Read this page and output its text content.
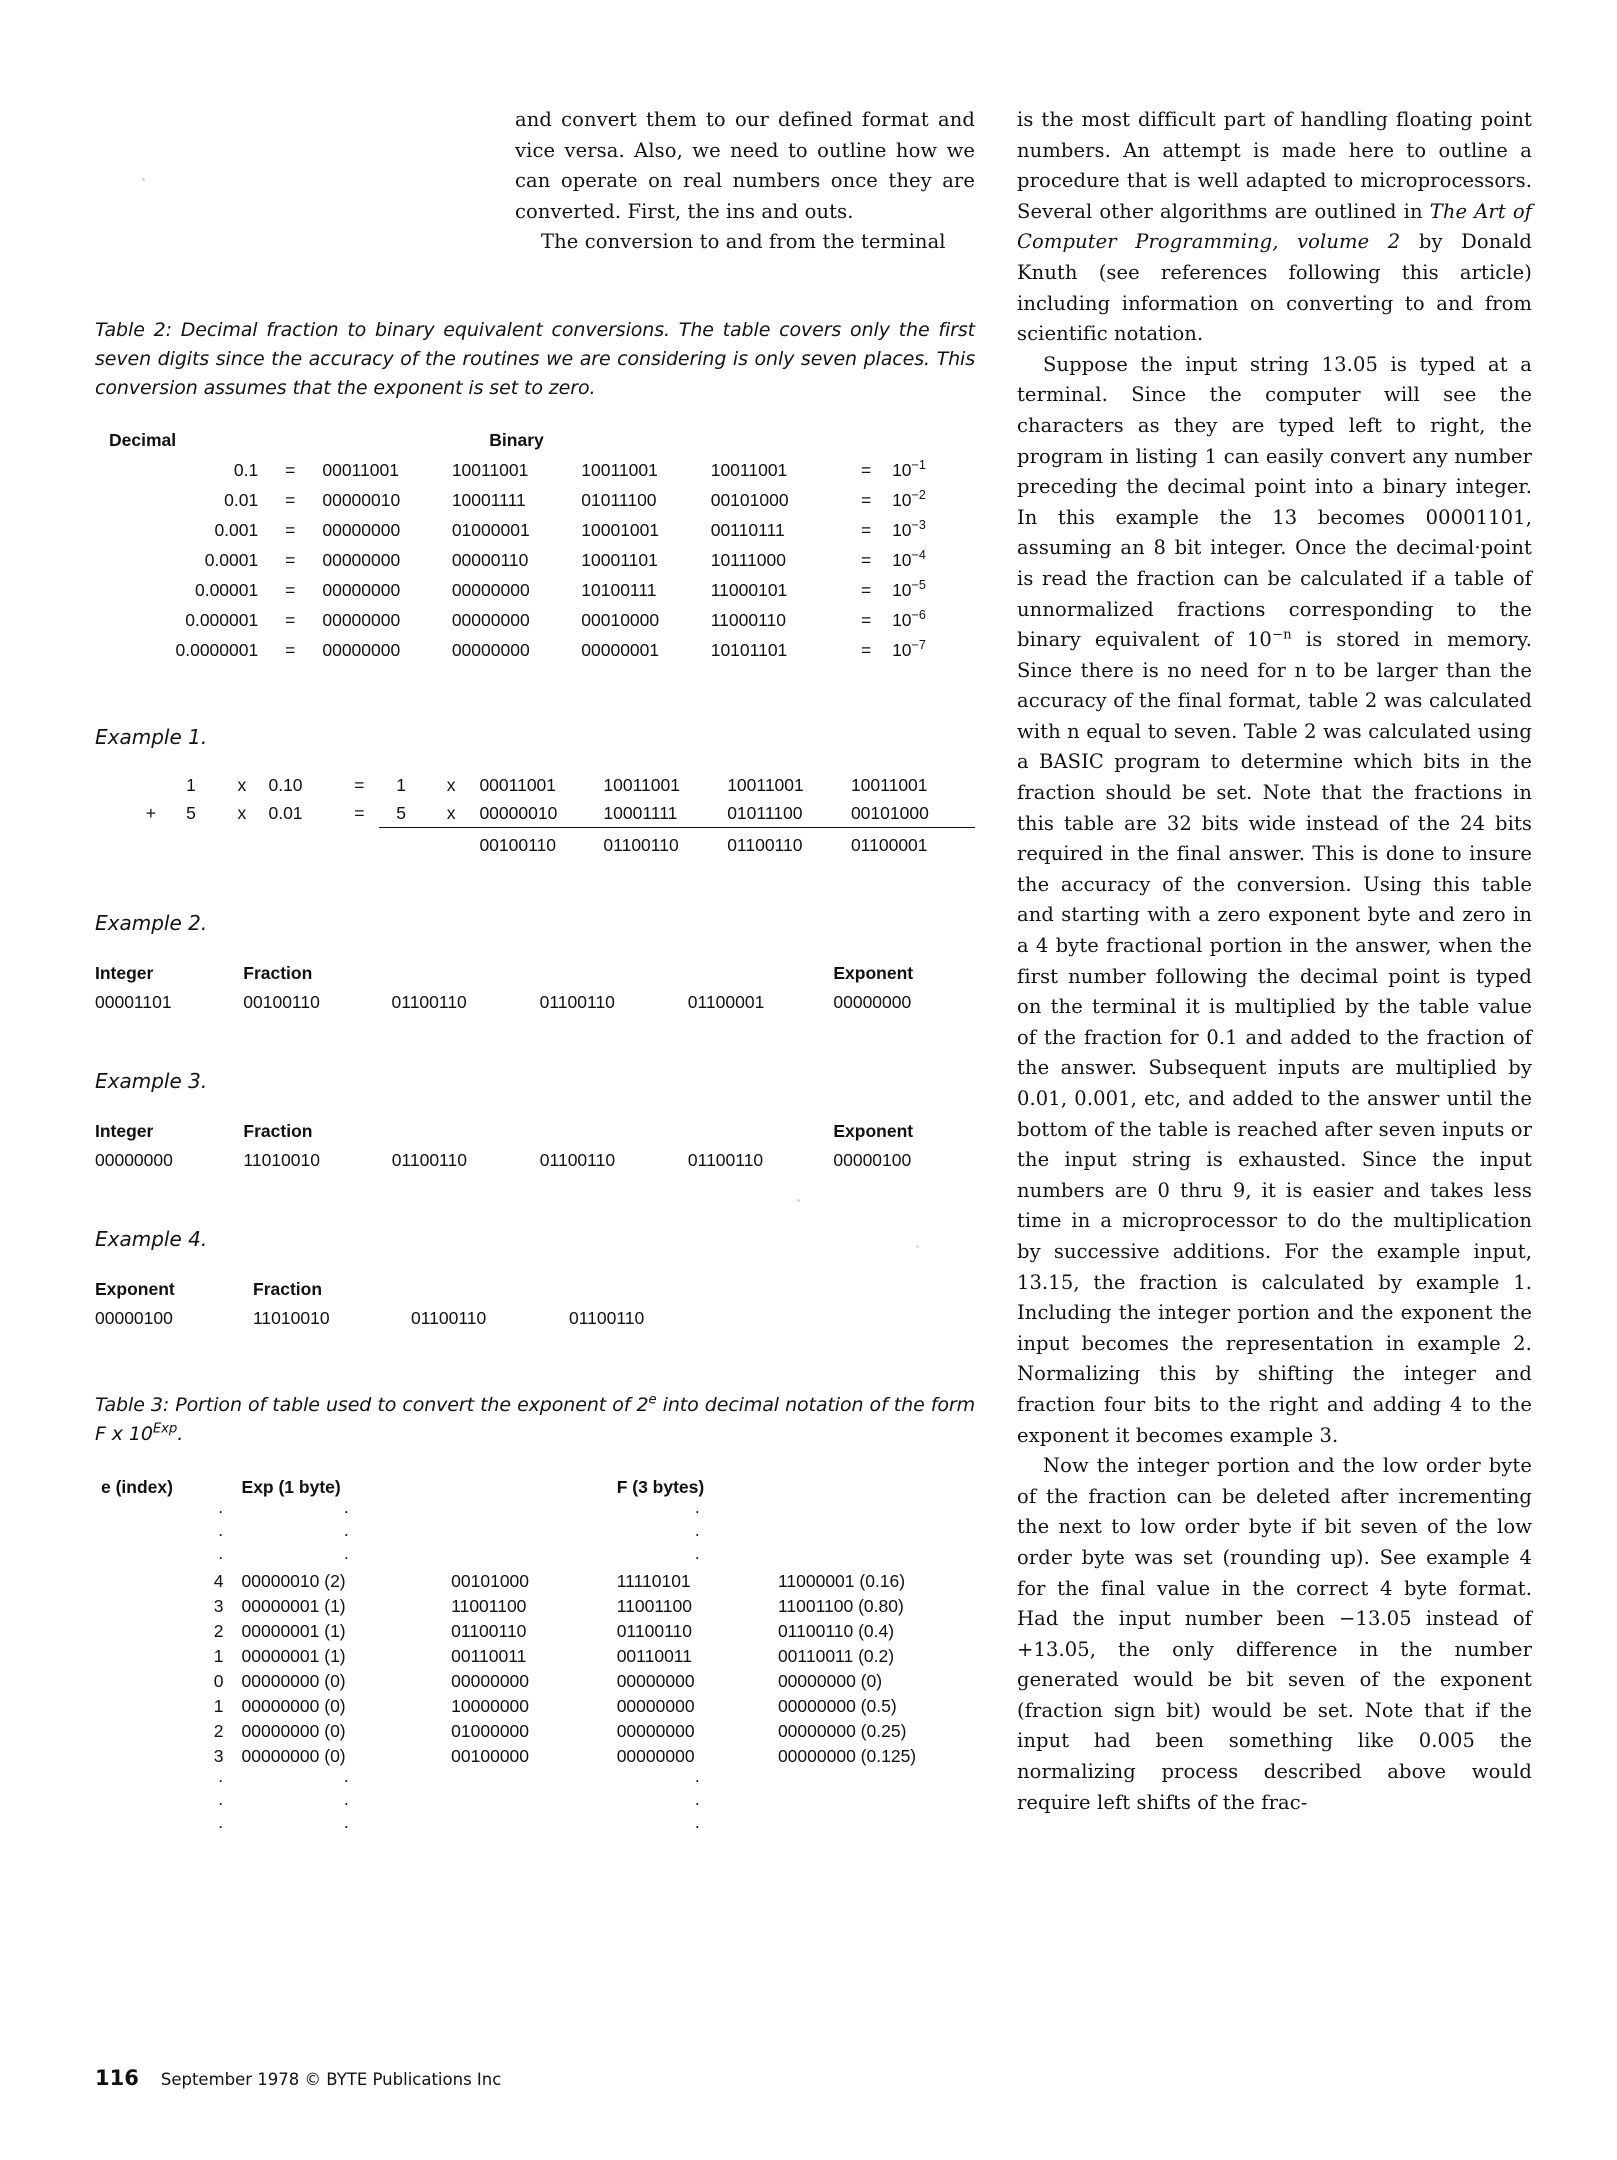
and convert them to our defined format and vice versa. Also, we need to outline how we can operate on real numbers once they are converted. First, the ins and outs.

The conversion to and from the terminal

Table 2: Decimal fraction to binary equivalent conversions. The table covers only the first seven digits since the accuracy of the routines we are considering is only seven places. This conversion assumes that the exponent is set to zero.
Decimal			Binary				
0.1	=	00011001	10011001	10011001	10011001	=	$10^{-1}$
0.01	=	00000010	10001111	01011100	00101000	=	$10^{-2}$
0.001	=	00000000	01000001	10001001	00110111	=	$10^{-3}$
0.0001	=	00000000	00000110	10001101	10111000	=	$10^{-4}$
0.00001	=	00000000	00000000	10100111	11000101	=	$10^{-5}$
0.000001	=	00000000	00000000	00010000	11000110	=	$10^{-6}$
0.0000001	=	00000000	00000000	00000001	10101101	=	$10^{-7}$
Example 1.
	1	x	0.10	=	1	x	00011001	10011001	10011001	10011001
+	5	x	0.01	=	5	x	00000010	10001111	01011100	00101000
							00100110	01100110	01100110	01100001
Example 2.
Integer	Fraction				Exponent
00001101	00100110	01100110	01100110	01100001	00000000
Example 3.
Integer	Fraction				Exponent
00000000	11010010	01100110	01100110	01100110	00000100
Example 4.
Exponent	Fraction		
00000100	11010010	01100110	01100110
Table 3: Portion of table used to convert the exponent of 2e into decimal notation of the form F x $10^{Exp}$.
e (index)	Exp (1 byte)		F (3 bytes)	
·	·		·	
·	·		·	
·	·		·	
4	00000010 (2)	00101000	11110101	11000001 (0.16)
3	00000001 (1)	11001100	11001100	11001100 (0.80)
2	00000001 (1)	01100110	01100110	01100110 (0.4)
1	00000001 (1)	00110011	00110011	00110011 (0.2)
0	00000000 (0)	00000000	00000000	00000000 (0)
1	00000000 (0)	10000000	00000000	00000000 (0.5)
2	00000000 (0)	01000000	00000000	00000000 (0.25)
3	00000000 (0)	00100000	00000000	00000000 (0.125)
·	·		·	
·	·		·	
·	·		·	

is the most difficult part of handling floating point numbers. An attempt is made here to outline a procedure that is well adapted to microprocessors. Several other algorithms are outlined in The Art of Computer Programming, volume 2 by Donald Knuth (see references following this article) including information on converting to and from scientific notation.

Suppose the input string 13.05 is typed at a terminal. Since the computer will see the characters as they are typed left to right, the program in listing 1 can easily convert any number preceding the decimal point into a binary integer. In this example the 13 becomes 00001101, assuming an 8 bit integer. Once the decimal·point is read the fraction can be calculated if a table of unnormalized fractions corresponding to the binary equivalent of $10^{-n}$ is stored in memory. Since there is no need for n to be larger than the accuracy of the final format, table 2 was calculated with n equal to seven. Table 2 was calculated using a BASIC program to determine which bits in the fraction should be set. Note that the fractions in this table are 32 bits wide instead of the 24 bits required in the final answer. This is done to insure the accuracy of the conversion. Using this table and starting with a zero exponent byte and zero in a 4 byte fractional portion in the answer, when the first number following the decimal point is typed on the terminal it is multiplied by the table value of the fraction for 0.1 and added to the fraction of the answer. Subsequent inputs are multiplied by 0.01, 0.001, etc, and added to the answer until the bottom of the table is reached after seven inputs or the input string is exhausted. Since the input numbers are 0 thru 9, it is easier and takes less time in a microprocessor to do the multiplication by successive additions. For the example input, 13.15, the fraction is calculated by example 1. Including the integer portion and the exponent the input becomes the representation in example 2. Normalizing this by shifting the integer and fraction four bits to the right and adding 4 to the exponent it becomes example 3.

Now the integer portion and the low order byte of the fraction can be deleted after incrementing the next to low order byte if bit seven of the low order byte was set (rounding up). See example 4 for the final value in the correct 4 byte format. Had the input number been −13.05 instead of +13.05, the only difference in the number generated would be bit seven of the exponent (fraction sign bit) would be set. Note that if the input had been something like 0.005 the normalizing process described above would require left shifts of the frac-

116 September 1978 © BYTE Publications Inc
